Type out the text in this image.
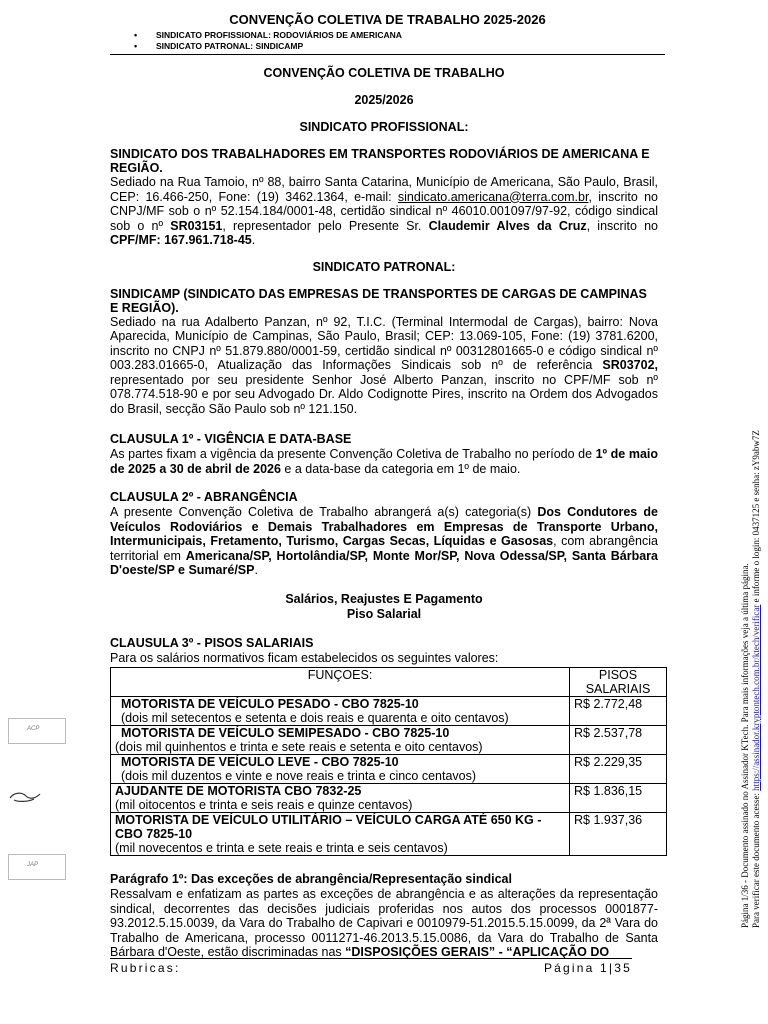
CONVENÇÃO COLETIVA DE TRABALHO 2025-2026
• SINDICATO PROFISSIONAL: RODOVIÁRIOS DE AMERICANA
• SINDICATO PATRONAL: SINDICAMP
CONVENÇÃO COLETIVA DE TRABALHO
2025/2026
SINDICATO PROFISSIONAL:
SINDICATO DOS TRABALHADORES EM TRANSPORTES RODOVIÁRIOS DE AMERICANA E REGIÃO.
Sediado na Rua Tamoio, nº 88, bairro Santa Catarina, Município de Americana, São Paulo, Brasil, CEP: 16.466-250, Fone: (19) 3462.1364, e-mail: sindicato.americana@terra.com.br, inscrito no CNPJ/MF sob o nº 52.154.184/0001-48, certidão sindical nº 46010.001097/97-92, código sindical sob o nº SR03151, representador pelo Presente Sr. Claudemir Alves da Cruz, inscrito no CPF/MF: 167.961.718-45.
SINDICATO PATRONAL:
SINDICAMP (SINDICATO DAS EMPRESAS DE TRANSPORTES DE CARGAS DE CAMPINAS E REGIÃO).
Sediado na rua Adalberto Panzan, nº 92, T.I.C. (Terminal Intermodal de Cargas), bairro: Nova Aparecida, Município de Campinas, São Paulo, Brasil; CEP: 13.069-105, Fone: (19) 3781.6200, inscrito no CNPJ nº 51.879.880/0001-59, certidão sindical nº 00312801665-0 e código sindical nº 003.283.01665-0, Atualização das Informações Sindicais sob nº de referência SR03702, representado por seu presidente Senhor José Alberto Panzan, inscrito no CPF/MF sob nº 078.774.518-90 e por seu Advogado Dr. Aldo Codignotte Pires, inscrito na Ordem dos Advogados do Brasil, secção São Paulo sob nº 121.150.
CLAUSULA 1º - VIGÊNCIA E DATA-BASE
As partes fixam a vigência da presente Convenção Coletiva de Trabalho no período de 1º de maio de 2025 a 30 de abril de 2026 e a data-base da categoria em 1º de maio.
CLAUSULA 2º - ABRANGÊNCIA
A presente Convenção Coletiva de Trabalho abrangerá a(s) categoria(s) Dos Condutores de Veículos Rodoviários e Demais Trabalhadores em Empresas de Transporte Urbano, Intermunicipais, Fretamento, Turismo, Cargas Secas, Líquidas e Gasosas, com abrangência territorial em Americana/SP, Hortolândia/SP, Monte Mor/SP, Nova Odessa/SP, Santa Bárbara D'oeste/SP e Sumaré/SP.
Salários, Reajustes E Pagamento
Piso Salarial
CLAUSULA 3º - PISOS SALARIAIS
Para os salários normativos ficam estabelecidos os seguintes valores:
FUNÇOES:	PISOS SALARIAIS

MOTORISTA DE VEÍCULO PESADO - CBO 7825-10
(dois mil setecentos e setenta e dois reais e quarenta e oito centavos)	R$ 2.772,48

MOTORISTA DE VEÍCULO SEMIPESADO - CBO 7825-10
(dois mil quinhentos e trinta e sete reais e setenta e oito centavos)	R$ 2.537,78

MOTORISTA DE VEÍCULO LEVE - CBO 7825-10
(dois mil duzentos e vinte e nove reais e trinta e cinco centavos)	R$ 2.229,35

AJUDANTE DE MOTORISTA CBO 7832-25
(mil oitocentos e trinta e seis reais e quinze centavos)	R$ 1.836,15

MOTORISTA DE VEÍCULO UTILITÁRIO – VEÍCULO CARGA ATÉ 650 KG - CBO 7825-10
(mil novecentos e trinta e sete reais e trinta e seis centavos)	R$ 1.937,36
Parágrafo 1º: Das exceções de abrangência/Representação sindical
Ressalvam e enfatizam as partes as exceções de abrangência e as alterações da representação sindical, decorrentes das decisões judiciais proferidas nos autos dos processos 0001877-93.2012.5.15.0039, da Vara do Trabalho de Capivari e 0010979-51.2015.5.15.0099, da 2ª Vara do Trabalho de Americana, processo 0011271-46.2013.5.15.0086, da Vara do Trabalho de Santa Bárbara d'Oeste, estão discriminadas nas “DISPOSIÇÕES GERAIS” - “APLICAÇÃO DO
Rubricas:	Página 1|35
Página 1/36 - Documento assinado no Assinador KTech. Para mais informações veja a última página. Para verificar este documento acesse: https://assinador.kryptontech.com.br/ktech/verificar e informe o login: 0437125 e senha: zY9abw7Z
ACP
JAP
